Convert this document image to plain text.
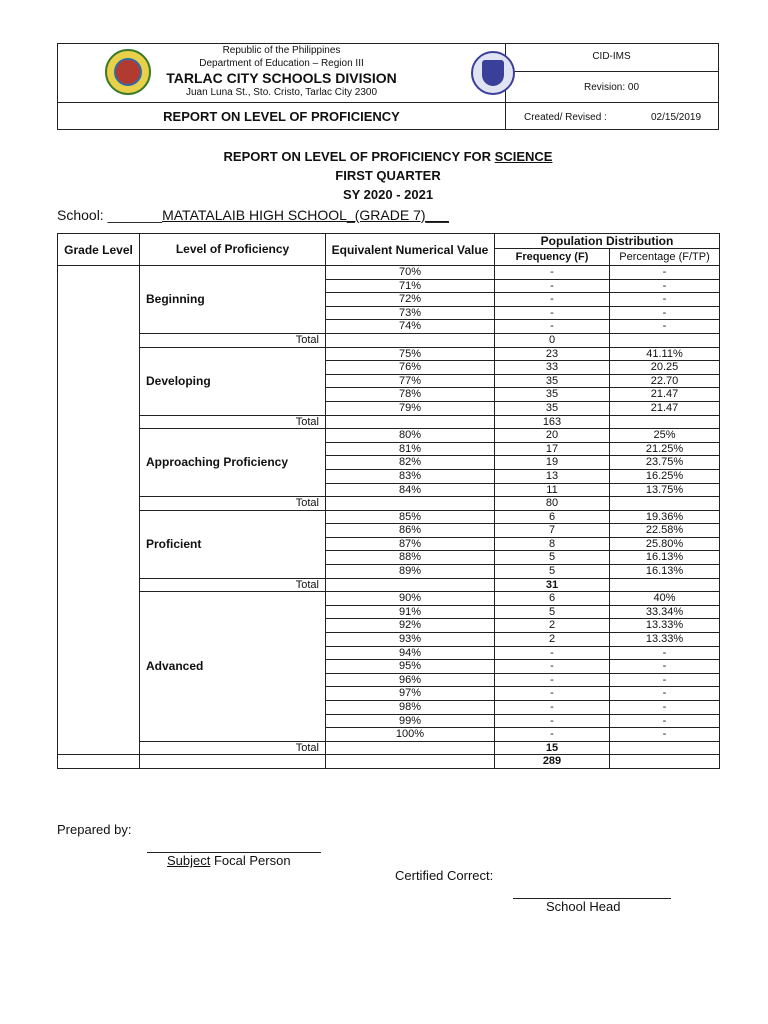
Republic of the Philippines
Department of Education – Region III
TARLAC CITY SCHOOLS DIVISION
Juan Luna St., Sto. Cristo, Tarlac City 2300
REPORT ON LEVEL OF PROFICIENCY
CID-IMS
Revision: 00
Created/ Revised :	02/15/2019
REPORT ON LEVEL OF PROFICIENCY FOR SCIENCE
FIRST QUARTER
SY 2020 - 2021
School: _______MATATALAIB HIGH SCHOOL_(GRADE 7)___
Grade Level	Level of Proficiency	Equivalent Numerical Value	Population Distribution	
			Frequency (F)	Percentage (F/TP)
	Beginning	70%	-	-
		71%	-	-
		72%	-	-
		73%	-	-
		74%	-	-
	Total		0	
	Developing	75%	23	41.11%
		76%	33	20.25
		77%	35	22.70
		78%	35	21.47
		79%	35	21.47
	Total		163	
	Approaching Proficiency	80%	20	25%
		81%	17	21.25%
		82%	19	23.75%
		83%	13	16.25%
		84%	11	13.75%
	Total		80	
	Proficient	85%	6	19.36%
		86%	7	22.58%
		87%	8	25.80%
		88%	5	16.13%
		89%	5	16.13%
	Total		31	
	Advanced	90%	6	40%
		91%	5	33.34%
		92%	2	13.33%
		93%	2	13.33%
		94%	-	-
		95%	-	-
		96%	-	-
		97%	-	-
		98%	-	-
		99%	-	-
		100%	-	-
	Total		15	
			289	
Prepared by:
Subject Focal Person
Certified Correct:
School Head
